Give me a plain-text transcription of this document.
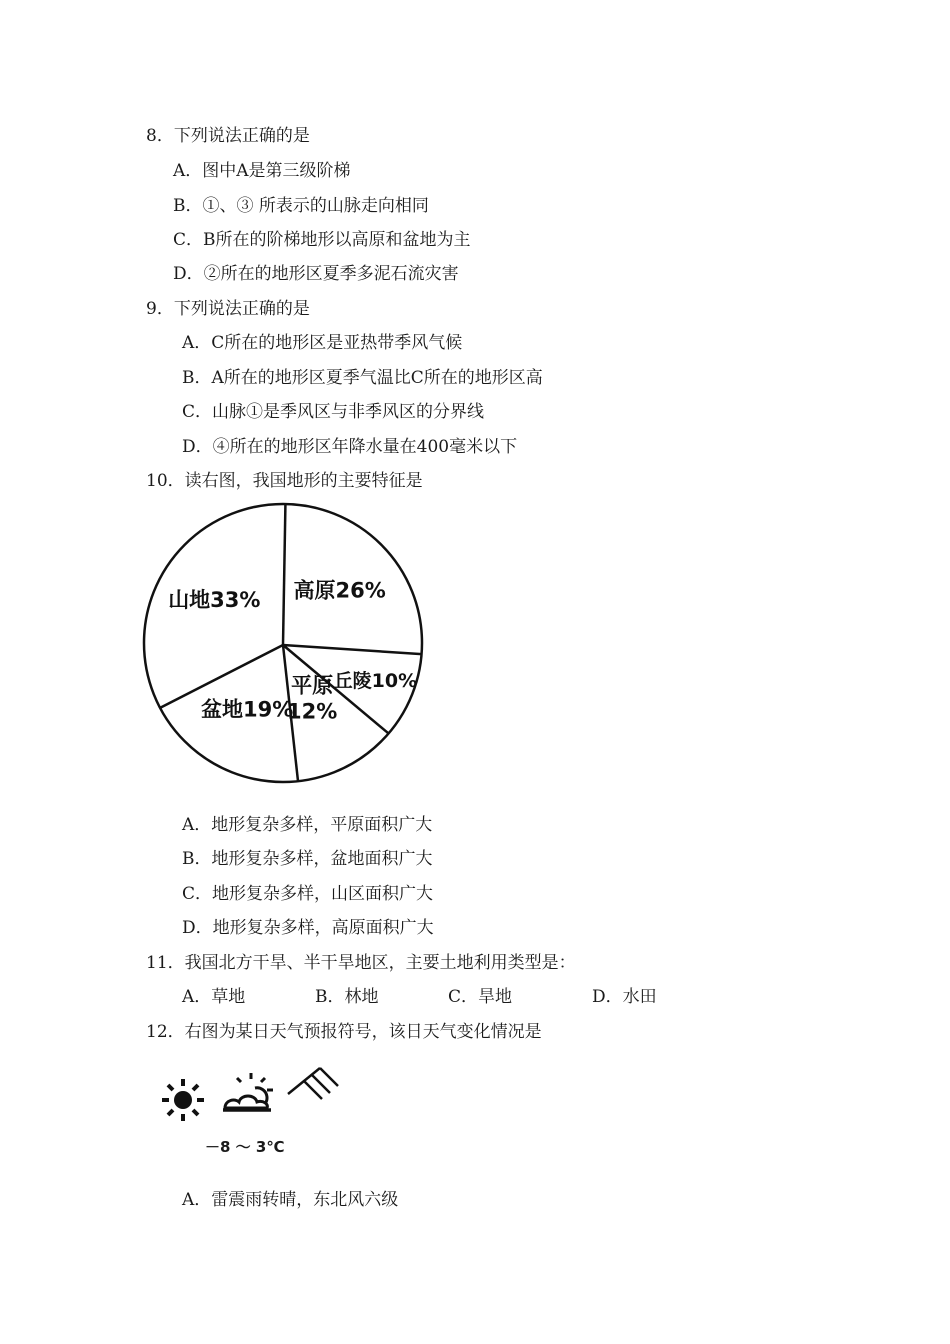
8．下列说法正确的是
A．图中A是第三级阶梯
B．①、③ 所表示的山脉走向相同
C．B所在的阶梯地形以高原和盆地为主
D．②所在的地形区夏季多泥石流灾害
9．下列说法正确的是
A．C所在的地形区是亚热带季风气候
B．A所在的地形区夏季气温比C所在的地形区高
C．山脉①是季风区与非季风区的分界线
D．④所在的地形区年降水量在400毫米以下
10．读右图，我国地形的主要特征是
高原26%
丘陵10%
平原 12%
盆地19%
山地33%
A．地形复杂多样，平原面积广大
B．地形复杂多样，盆地面积广大
C．地形复杂多样，山区面积广大
D．地形复杂多样，高原面积广大
11．我国北方干旱、半干旱地区，主要土地利用类型是：
A．草地	B．林地	C．旱地	D．水田
12．右图为某日天气预报符号，该日天气变化情况是
－8 ～ 3℃
A．雷震雨转晴，东北风六级
